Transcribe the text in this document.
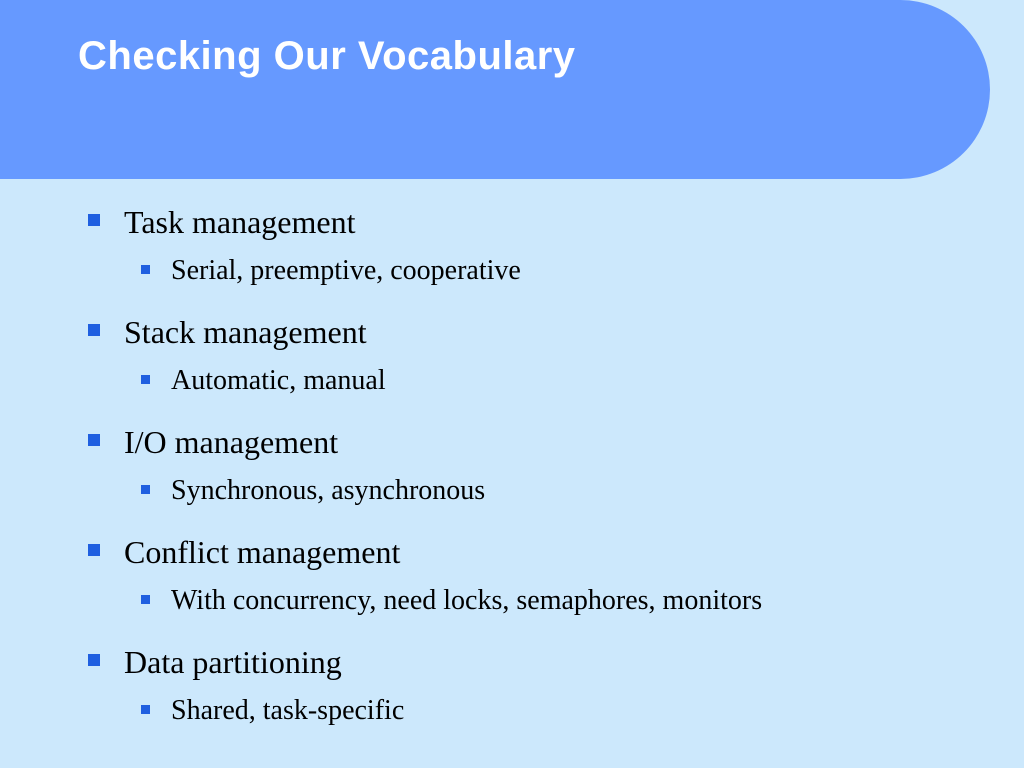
Checking Our Vocabulary
Task management
Serial, preemptive, cooperative
Stack management
Automatic, manual
I/O management
Synchronous, asynchronous
Conflict management
With concurrency, need locks, semaphores, monitors
Data partitioning
Shared, task-specific
